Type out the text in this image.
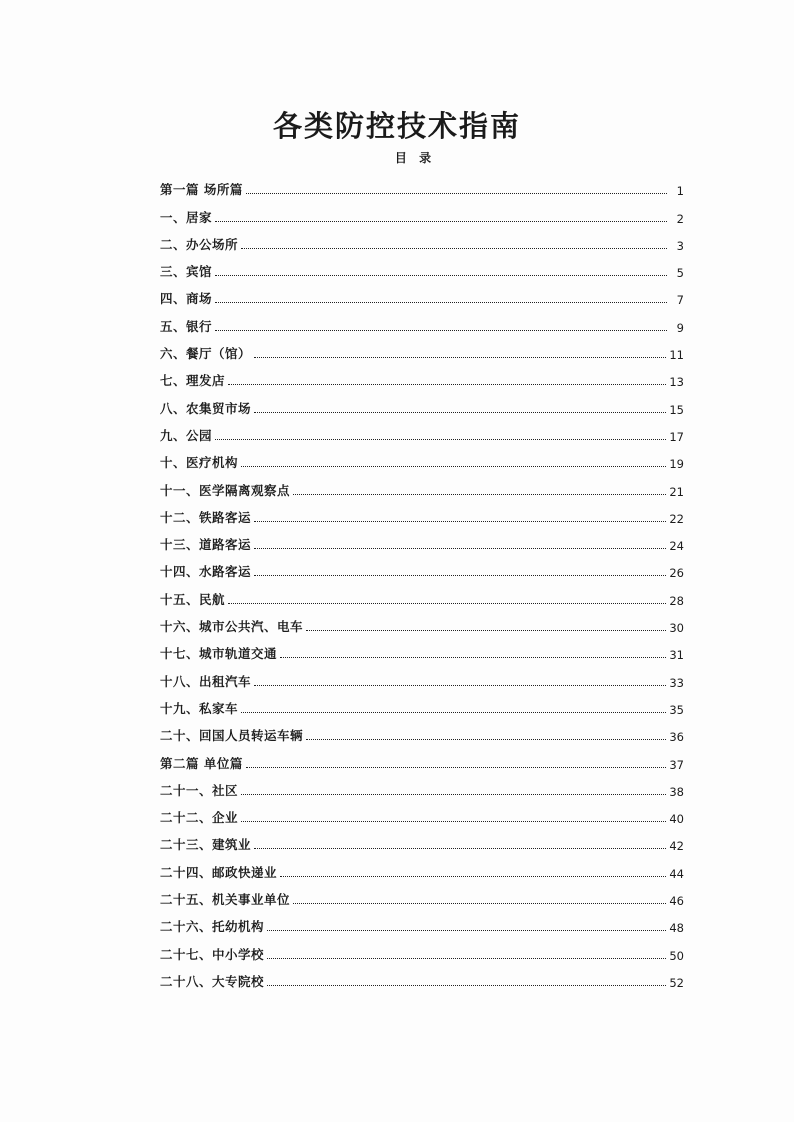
各类防控技术指南
目 录
第一篇 场所篇	1
一、居家	2
二、办公场所	3
三、宾馆	5
四、商场	7
五、银行	9
六、餐厅（馆）	11
七、理发店	13
八、农集贸市场	15
九、公园	17
十、医疗机构	19
十一、医学隔离观察点	21
十二、铁路客运	22
十三、道路客运	24
十四、水路客运	26
十五、民航	28
十六、城市公共汽、电车	30
十七、城市轨道交通	31
十八、出租汽车	33
十九、私家车	35
二十、回国人员转运车辆	36
第二篇 单位篇	37
二十一、社区	38
二十二、企业	40
二十三、建筑业	42
二十四、邮政快递业	44
二十五、机关事业单位	46
二十六、托幼机构	48
二十七、中小学校	50
二十八、大专院校	52
